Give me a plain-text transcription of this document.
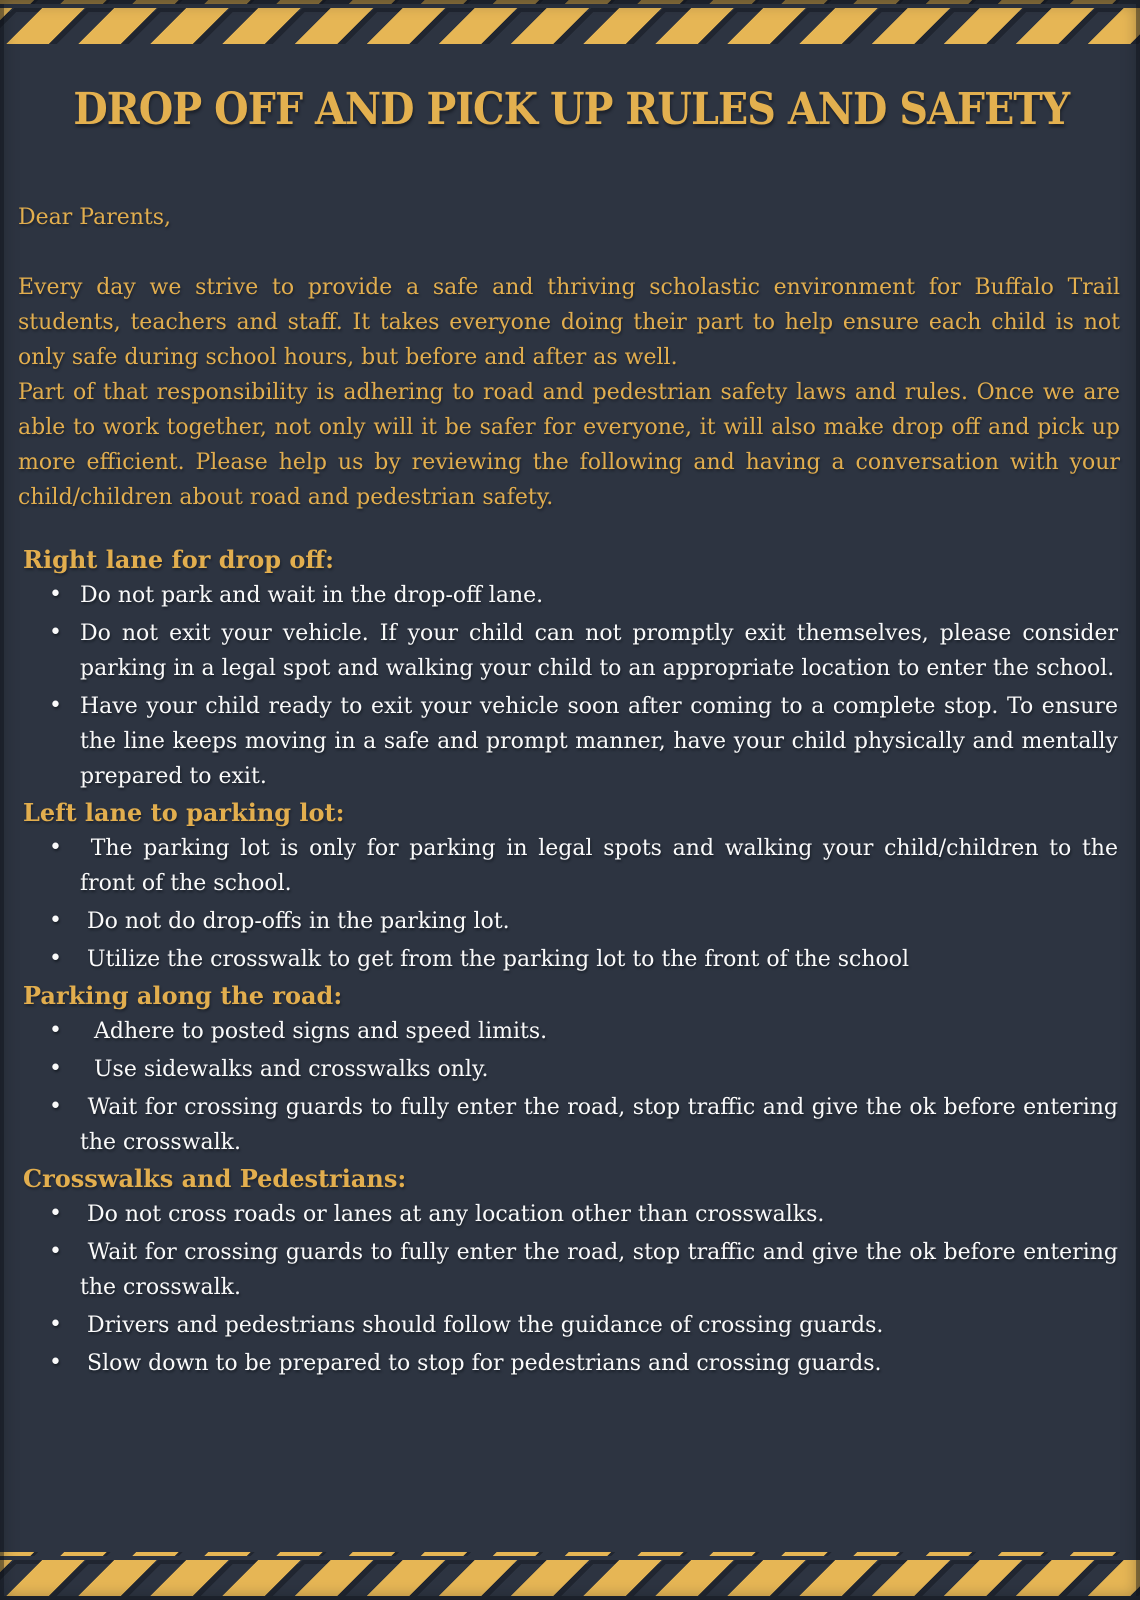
DROP OFF AND PICK UP RULES AND SAFETY
Dear Parents,

Every day we strive to provide a safe and thriving scholastic environment for Buffalo Trail students, teachers and staff. It takes everyone doing their part to help ensure each child is not only safe during school hours, but before and after as well.

Part of that responsibility is adhering to road and pedestrian safety laws and rules. Once we are able to work together, not only will it be safer for everyone, it will also make drop off and pick up more efficient. Please help us by reviewing the following and having a conversation with your child/children about road and pedestrian safety.

Right lane for drop off:
• Do not park and wait in the drop-off lane.
• Do not exit your vehicle. If your child can not promptly exit themselves, please consider parking in a legal spot and walking your child to an appropriate location to enter the school.
• Have your child ready to exit your vehicle soon after coming to a complete stop. To ensure the line keeps moving in a safe and prompt manner, have your child physically and mentally prepared to exit.
Left lane to parking lot:
• The parking lot is only for parking in legal spots and walking your child/children to the front of the school.
• Do not do drop-offs in the parking lot.
• Utilize the crosswalk to get from the parking lot to the front of the school
Parking along the road:
• Adhere to posted signs and speed limits.
• Use sidewalks and crosswalks only.
• Wait for crossing guards to fully enter the road, stop traffic and give the ok before entering the crosswalk.
Crosswalks and Pedestrians:
• Do not cross roads or lanes at any location other than crosswalks.
• Wait for crossing guards to fully enter the road, stop traffic and give the ok before entering the crosswalk.
• Drivers and pedestrians should follow the guidance of crossing guards.
• Slow down to be prepared to stop for pedestrians and crossing guards.
